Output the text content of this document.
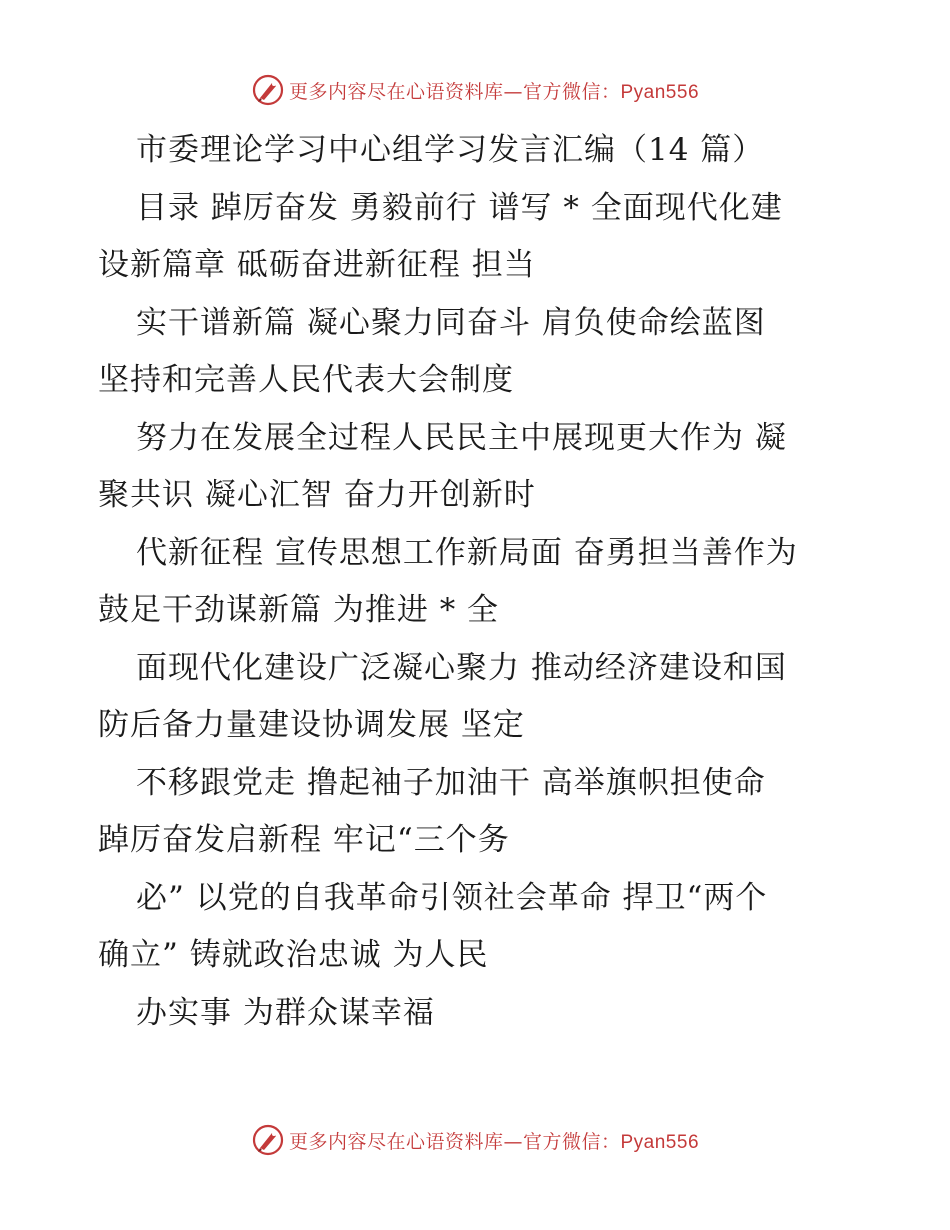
更多内容尽在心语资料库—官方微信：Pyan556
市委理论学习中心组学习发言汇编（14 篇）
目录 踔厉奋发 勇毅前行 谱写 * 全面现代化建
设新篇章 砥砺奋进新征程 担当
实干谱新篇 凝心聚力同奋斗 肩负使命绘蓝图
坚持和完善人民代表大会制度
努力在发展全过程人民民主中展现更大作为 凝
聚共识 凝心汇智 奋力开创新时
代新征程 宣传思想工作新局面 奋勇担当善作为
鼓足干劲谋新篇 为推进 * 全
面现代化建设广泛凝心聚力 推动经济建设和国
防后备力量建设协调发展 坚定
不移跟党走 撸起袖子加油干 高举旗帜担使命
踔厉奋发启新程 牢记“三个务
必” 以党的自我革命引领社会革命 捍卫“两个
确立” 铸就政治忠诚 为人民
办实事 为群众谋幸福
更多内容尽在心语资料库—官方微信：Pyan556
